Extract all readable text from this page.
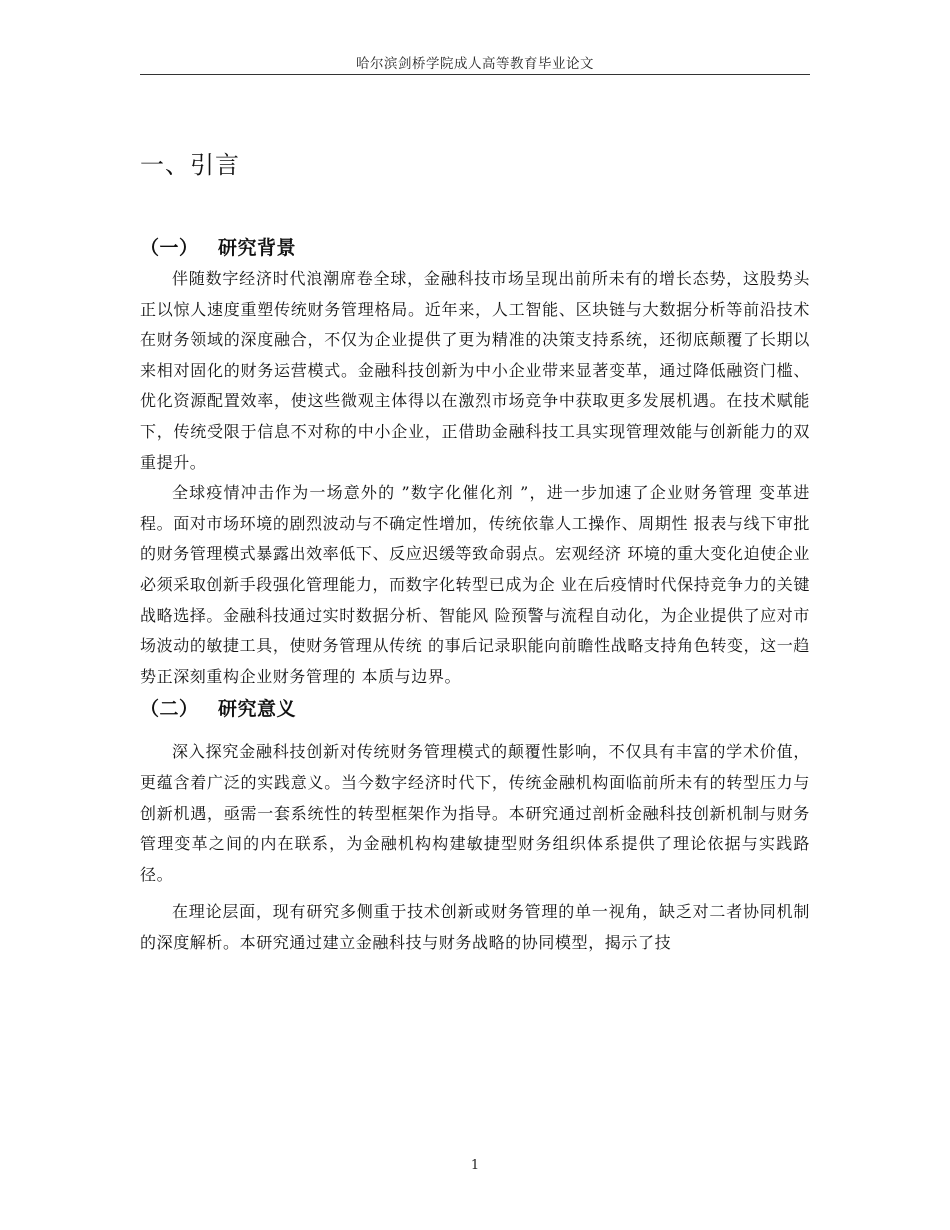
哈尔滨剑桥学院成人高等教育毕业论文
一、引言
（一） 研究背景

伴随数字经济时代浪潮席卷全球，金融科技市场呈现出前所未有的增长态势，这股势头正以惊人速度重塑传统财务管理格局。近年来，人工智能、区块链与大数据分析等前沿技术在财务领域的深度融合，不仅为企业提供了更为精准的决策支持系统，还彻底颠覆了长期以来相对固化的财务运营模式。金融科技创新为中小企业带来显著变革，通过降低融资门槛、优化资源配置效率，使这些微观主体得以在激烈市场竞争中获取更多发展机遇。在技术赋能下，传统受限于信息不对称的中小企业，正借助金融科技工具实现管理效能与创新能力的双重提升。

全球疫情冲击作为一场意外的 ”数字化催化剂 ”，进一步加速了企业财务管理 变革进程。面对市场环境的剧烈波动与不确定性增加，传统依靠人工操作、周期性 报表与线下审批的财务管理模式暴露出效率低下、反应迟缓等致命弱点。宏观经济 环境的重大变化迫使企业必须采取创新手段强化管理能力，而数字化转型已成为企 业在后疫情时代保持竞争力的关键战略选择。金融科技通过实时数据分析、智能风 险预警与流程自动化，为企业提供了应对市场波动的敏捷工具，使财务管理从传统 的事后记录职能向前瞻性战略支持角色转变，这一趋势正深刻重构企业财务管理的 本质与边界。

（二） 研究意义

深入探究金融科技创新对传统财务管理模式的颠覆性影响，不仅具有丰富的学术价值，更蕴含着广泛的实践意义。当今数字经济时代下，传统金融机构面临前所未有的转型压力与创新机遇，亟需一套系统性的转型框架作为指导。本研究通过剖析金融科技创新机制与财务管理变革之间的内在联系，为金融机构构建敏捷型财务组织体系提供了理论依据与实践路径。

在理论层面，现有研究多侧重于技术创新或财务管理的单一视角，缺乏对二者协同机制的深度解析。本研究通过建立金融科技与财务战略的协同模型，揭示了技

1
